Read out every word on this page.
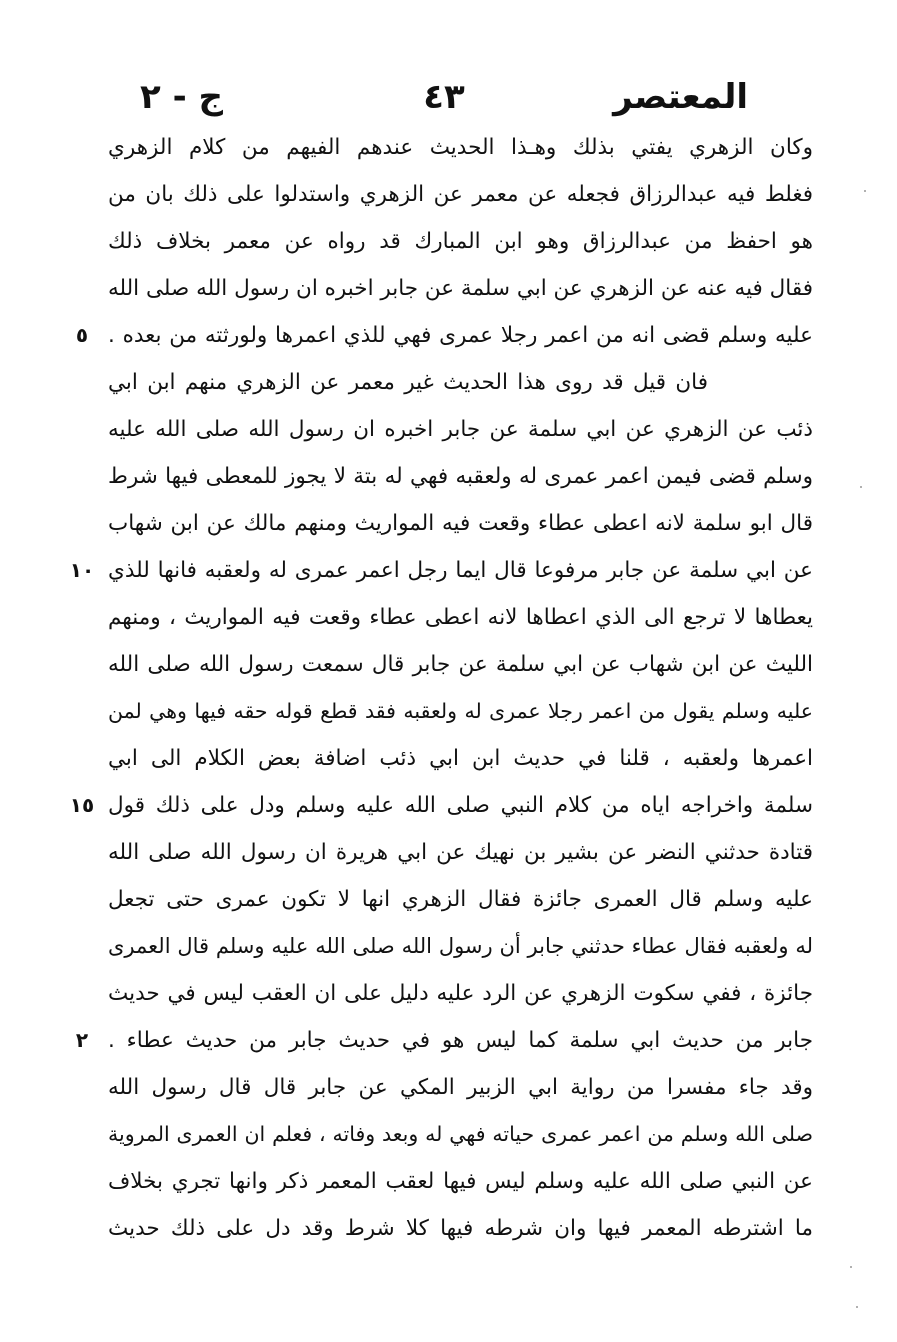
المعتصر
٤٣
ج - ٢
وكان الزهري يفتي بذلك وهـذا الحديث عندهم الفيهم من كلام الزهري
فغلط فيه عبدالرزاق فجعله عن معمر عن الزهري واستدلوا على ذلك بان من
هو احفظ من عبدالرزاق وهو ابن المبارك قد رواه عن معمر بخلاف ذلك
فقال فيه عنه عن الزهري عن ابي سلمة عن جابر اخبره ان رسول الله صلى الله
عليه وسلم قضى انه من اعمر رجلا عمرى فهي للذي اعمرها ولورثته من بعده .
فان قيل قد روى هذا الحديث غير معمر عن الزهري منهم ابن ابي
ذئب عن الزهري عن ابي سلمة عن جابر اخبره ان رسول الله صلى الله عليه
وسلم قضى فيمن اعمر عمرى له ولعقبه فهي له بتة لا يجوز للمعطى فيها شرط
قال ابو سلمة لانه اعطى عطاء وقعت فيه المواريث ومنهم مالك عن ابن شهاب
عن ابي سلمة عن جابر مرفوعا قال ايما رجل اعمر عمرى له ولعقبه فانها للذي
يعطاها لا ترجع الى الذي اعطاها لانه اعطى عطاء وقعت فيه المواريث ، ومنهم
الليث عن ابن شهاب عن ابي سلمة عن جابر قال سمعت رسول الله صلى الله
عليه وسلم يقول من اعمر رجلا عمرى له ولعقبه فقد قطع قوله حقه فيها وهي لمن
اعمرها ولعقبه ، قلنا في حديث ابن ابي ذئب اضافة بعض الكلام الى ابي
سلمة واخراجه اياه من كلام النبي صلى الله عليه وسلم ودل على ذلك قول
قتادة حدثني النضر عن بشير بن نهيك عن ابي هريرة ان رسول الله صلى الله
عليه وسلم قال العمرى جائزة فقال الزهري انها لا تكون عمرى حتى تجعل
له ولعقبه فقال عطاء حدثني جابر أن رسول الله صلى الله عليه وسلم قال العمرى
جائزة ، ففي سكوت الزهري عن الرد عليه دليل على ان العقب ليس في حديث
جابر من حديث ابي سلمة كما ليس هو في حديث جابر من حديث عطاء .
وقد جاء مفسرا من رواية ابي الزبير المكي عن جابر قال قال رسول الله
صلى الله وسلم من اعمر عمرى حياته فهي له وبعد وفاته ، فعلم ان العمرى المروية
عن النبي صلى الله عليه وسلم ليس فيها لعقب المعمر ذكر وانها تجري بخلاف
ما اشترطه المعمر فيها وان شرطه فيها كلا شرط وقد دل على ذلك حديث
٥
١٠
١٥
٢
